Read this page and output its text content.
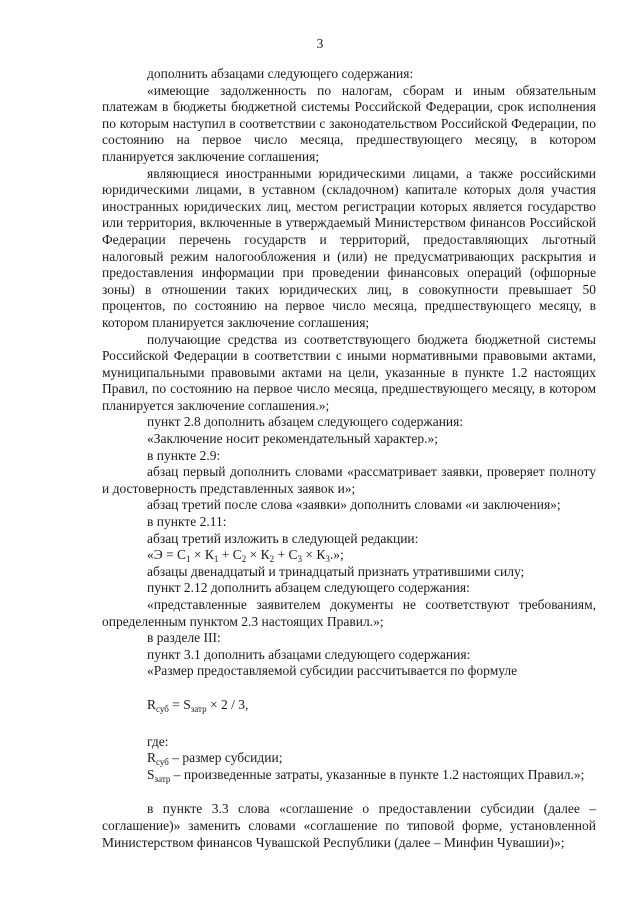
3

дополнить абзацами следующего содержания:

«имеющие задолженность по налогам, сборам и иным обязательным платежам в бюджеты бюджетной системы Российской Федерации, срок исполнения по которым наступил в соответствии с законодательством Российской Федерации, по состоянию на первое число месяца, предшествующего месяцу, в котором планируется заключение соглашения;

являющиеся иностранными юридическими лицами, а также российскими юридическими лицами, в уставном (складочном) капитале которых доля участия иностранных юридических лиц, местом регистрации которых является государство или территория, включенные в утверждаемый Министерством финансов Российской Федерации перечень государств и территорий, предоставляющих льготный налоговый режим налогообложения и (или) не предусматривающих раскрытия и предоставления информации при проведении финансовых операций (офшорные зоны) в отношении таких юридических лиц, в совокупности превышает 50 процентов, по состоянию на первое число месяца, предшествующего месяцу, в котором планируется заключение соглашения;

получающие средства из соответствующего бюджета бюджетной системы Российской Федерации в соответствии с иными нормативными правовыми актами, муниципальными правовыми актами на цели, указанные в пункте 1.2 настоящих Правил, по состоянию на первое число месяца, предшествующего месяцу, в котором планируется заключение соглашения.»;

пункт 2.8 дополнить абзацем следующего содержания:

«Заключение носит рекомендательный характер.»;

в пункте 2.9:

абзац первый дополнить словами «рассматривает заявки, проверяет полноту и достоверность представленных заявок и»;

абзац третий после слова «заявки» дополнить словами «и заключения»;

в пункте 2.11:

абзац третий изложить в следующей редакции:

«$Э = С_1 \times К_1 + С_2 \times К_2 + С_3 \times К_3$.»;

абзацы двенадцатый и тринадцатый признать утратившими силу;

пункт 2.12 дополнить абзацем следующего содержания:

«представленные заявителем документы не соответствуют требованиям, определенным пунктом 2.3 настоящих Правил.»;

в разделе III:

пункт 3.1 дополнить абзацами следующего содержания:

«Размер предоставляемой субсидии рассчитывается по формуле

$R_{суб} = S_{затр} \times 2 / 3$,

где:

$R_{суб}$ – размер субсидии;

$S_{затр}$ – произведенные затраты, указанные в пункте 1.2 настоящих Правил.»;

в пункте 3.3 слова «соглашение о предоставлении субсидии (далее – соглашение)» заменить словами «соглашение по типовой форме, установленной Министерством финансов Чувашской Республики (далее – Минфин Чувашии)»;
